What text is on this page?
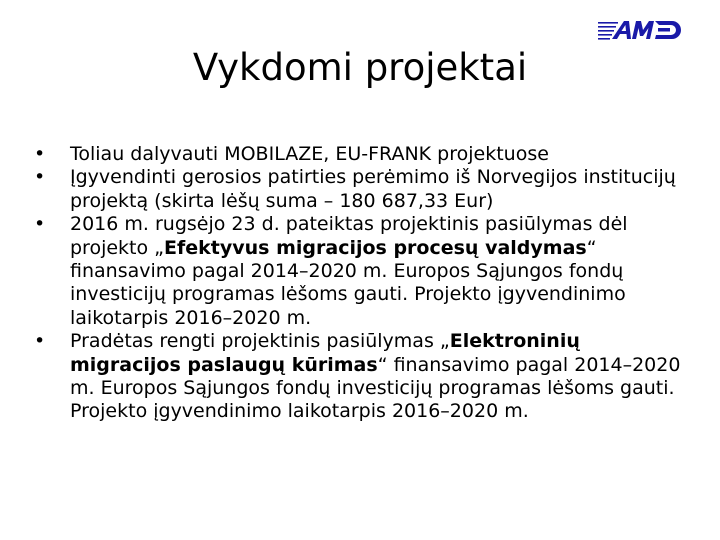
Vykdomi projektai
• Toliau dalyvauti MOBILAZE, EU-FRANK projektuose
• Įgyvendinti gerosios patirties perėmimo iš Norvegijos institucijų projektą (skirta lėšų suma – 180 687,33 Eur)
• 2016 m. rugsėjo 23 d. pateiktas projektinis pasiūlymas dėl projekto „Efektyvus migracijos procesų valdymas“ finansavimo pagal 2014–2020 m. Europos Sąjungos fondų investicijų programas lėšoms gauti. Projekto įgyvendinimo laikotarpis 2016–2020 m.
• Pradėtas rengti projektinis pasiūlymas „Elektroninių migracijos paslaugų kūrimas“ finansavimo pagal 2014–2020 m. Europos Sąjungos fondų investicijų programas lėšoms gauti. Projekto įgyvendinimo laikotarpis 2016–2020 m.
